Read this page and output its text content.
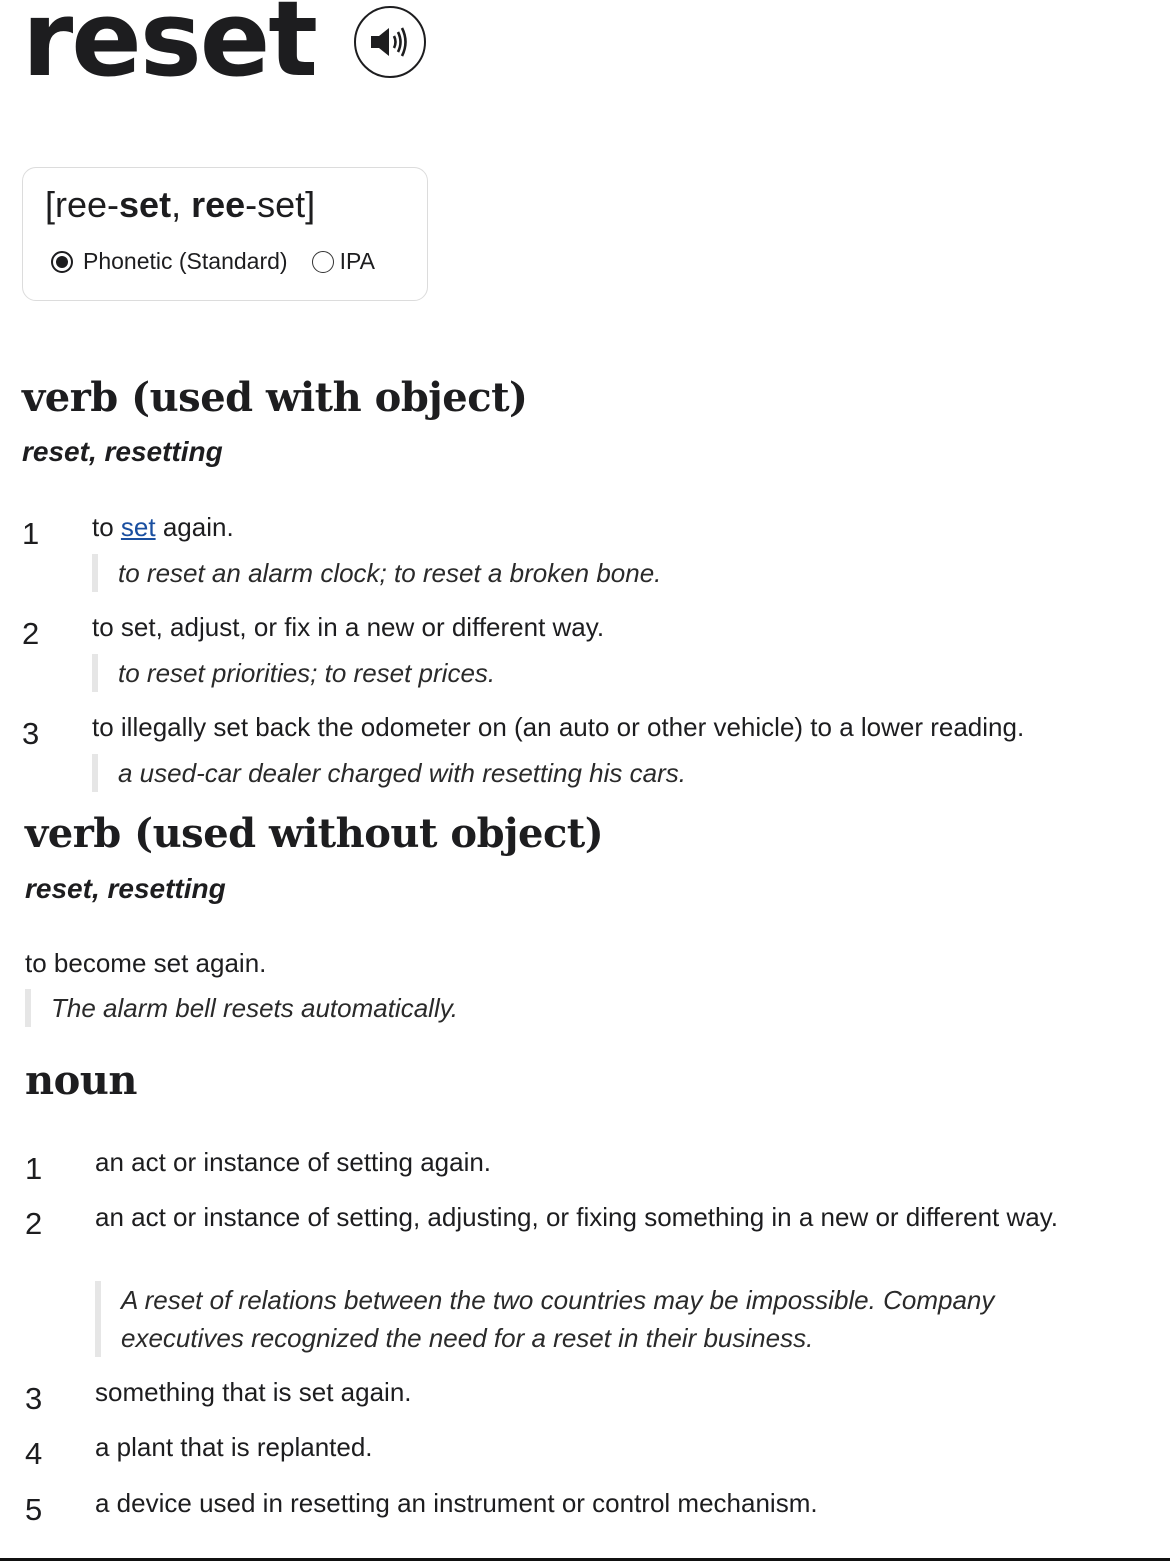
reset
[ree-set, ree-set]
Phonetic (Standard) IPA
verb (used with object)
reset, resetting
1 to set again.
to reset an alarm clock; to reset a broken bone.
2 to set, adjust, or fix in a new or different way.
to reset priorities; to reset prices.
3 to illegally set back the odometer on (an auto or other vehicle) to a lower reading.
a used-car dealer charged with resetting his cars.
verb (used without object)
reset, resetting
to become set again.
The alarm bell resets automatically.
noun
1 an act or instance of setting again.
2 an act or instance of setting, adjusting, or fixing something in a new or different way.
A reset of relations between the two countries may be impossible. Company executives recognized the need for a reset in their business.
3 something that is set again.
4 a plant that is replanted.
5 a device used in resetting an instrument or control mechanism.
